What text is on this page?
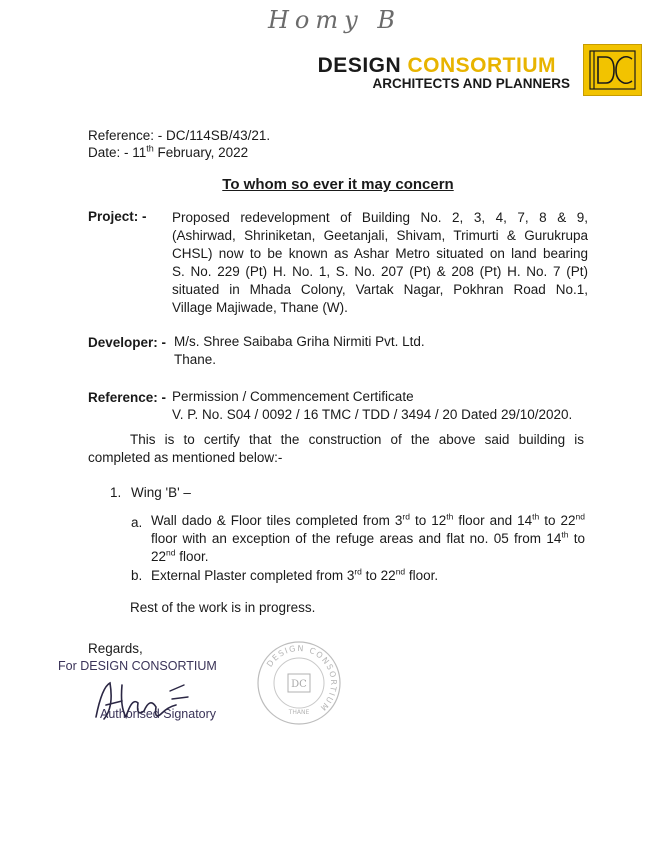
Homy B
DESIGN CONSORTIUM
ARCHITECTS AND PLANNERS
Reference: - DC/114SB/43/21.
Date: - 11th February, 2022
To whom so ever it may concern
Project: - Proposed redevelopment of Building No. 2, 3, 4, 7, 8 & 9,
(Ashirwad, Shriniketan, Geetanjali, Shivam, Trimurti & Gurukrupa
CHSL) now to be known as Ashar Metro situated on land bearing
S. No. 229 (Pt) H. No. 1, S. No. 207 (Pt) & 208 (Pt) H. No. 7 (Pt)
situated in Mhada Colony, Vartak Nagar, Pokhran Road No.1,
Village Majiwade, Thane (W).
Developer: - M/s. Shree Saibaba Griha Nirmiti Pvt. Ltd.
Thane.
Reference: - Permission / Commencement Certificate
V. P. No. S04 / 0092 / 16 TMC / TDD / 3494 / 20 Dated 29/10/2020.
This is to certify that the construction of the above said building is
completed as mentioned below:-
1. Wing 'B' –
a. Wall dado & Floor tiles completed from 3rd to 12th floor and 14th to 22nd
floor with an exception of the refuge areas and flat no. 05 from 14th to
22nd floor.
b. External Plaster completed from 3rd to 22nd floor.
Rest of the work is in progress.
Regards,
For DESIGN CONSORTIUM
Authorised Signatory
DESIGN CONSORTIUM
DC
THANE
